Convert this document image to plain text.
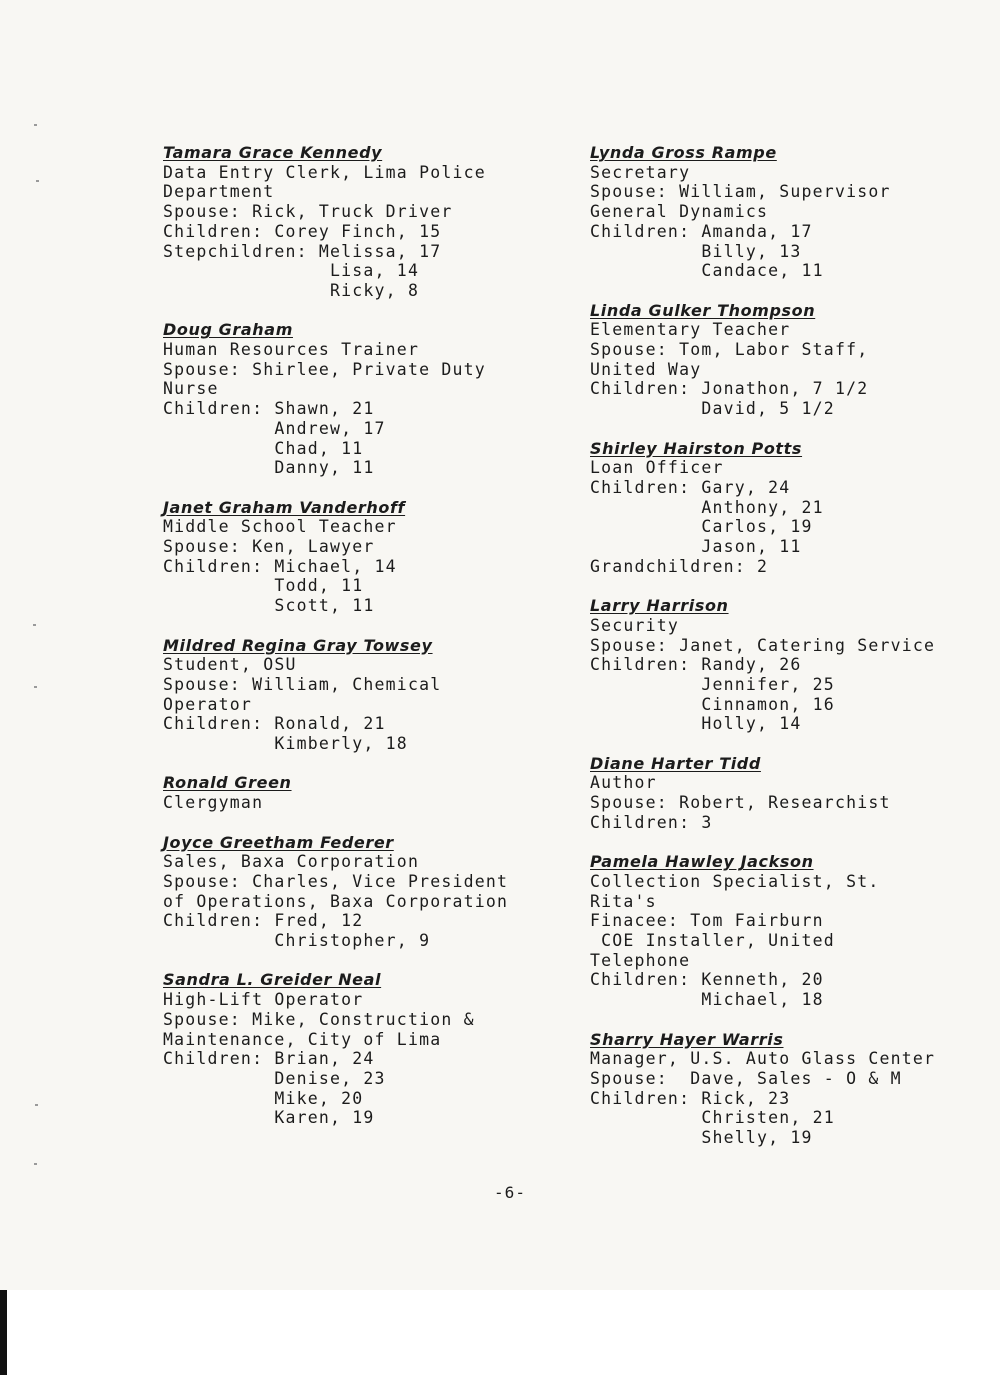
Tamara Grace Kennedy
Data Entry Clerk, Lima Police
Department
Spouse: Rick, Truck Driver
Children: Corey Finch, 15
Stepchildren: Melissa, 17
Lisa, 14
Ricky, 8
Doug Graham
Human Resources Trainer
Spouse: Shirlee, Private Duty
Nurse
Children: Shawn, 21
Andrew, 17
Chad, 11
Danny, 11
Janet Graham Vanderhoff
Middle School Teacher
Spouse: Ken, Lawyer
Children: Michael, 14
Todd, 11
Scott, 11
Mildred Regina Gray Towsey
Student, OSU
Spouse: William, Chemical
Operator
Children: Ronald, 21
Kimberly, 18
Ronald Green
Clergyman
Joyce Greetham Federer
Sales, Baxa Corporation
Spouse: Charles, Vice President
of Operations, Baxa Corporation
Children: Fred, 12
Christopher, 9
Sandra L. Greider Neal
High-Lift Operator
Spouse: Mike, Construction &
Maintenance, City of Lima
Children: Brian, 24
Denise, 23
Mike, 20
Karen, 19
Lynda Gross Rampe
Secretary
Spouse: William, Supervisor
General Dynamics
Children: Amanda, 17
Billy, 13
Candace, 11
Linda Gulker Thompson
Elementary Teacher
Spouse: Tom, Labor Staff,
United Way
Children: Jonathon, 7 1/2
David, 5 1/2
Shirley Hairston Potts
Loan Officer
Children: Gary, 24
Anthony, 21
Carlos, 19
Jason, 11
Grandchildren: 2
Larry Harrison
Security
Spouse: Janet, Catering Service
Children: Randy, 26
Jennifer, 25
Cinnamon, 16
Holly, 14
Diane Harter Tidd
Author
Spouse: Robert, Researchist
Children: 3
Pamela Hawley Jackson
Collection Specialist, St.
Rita's
Finacee: Tom Fairburn
COE Installer, United
Telephone
Children: Kenneth, 20
Michael, 18
Sharry Hayer Warris
Manager, U.S. Auto Glass Center
Spouse:  Dave, Sales - O & M
Children: Rick, 23
Christen, 21
Shelly, 19
-6-
